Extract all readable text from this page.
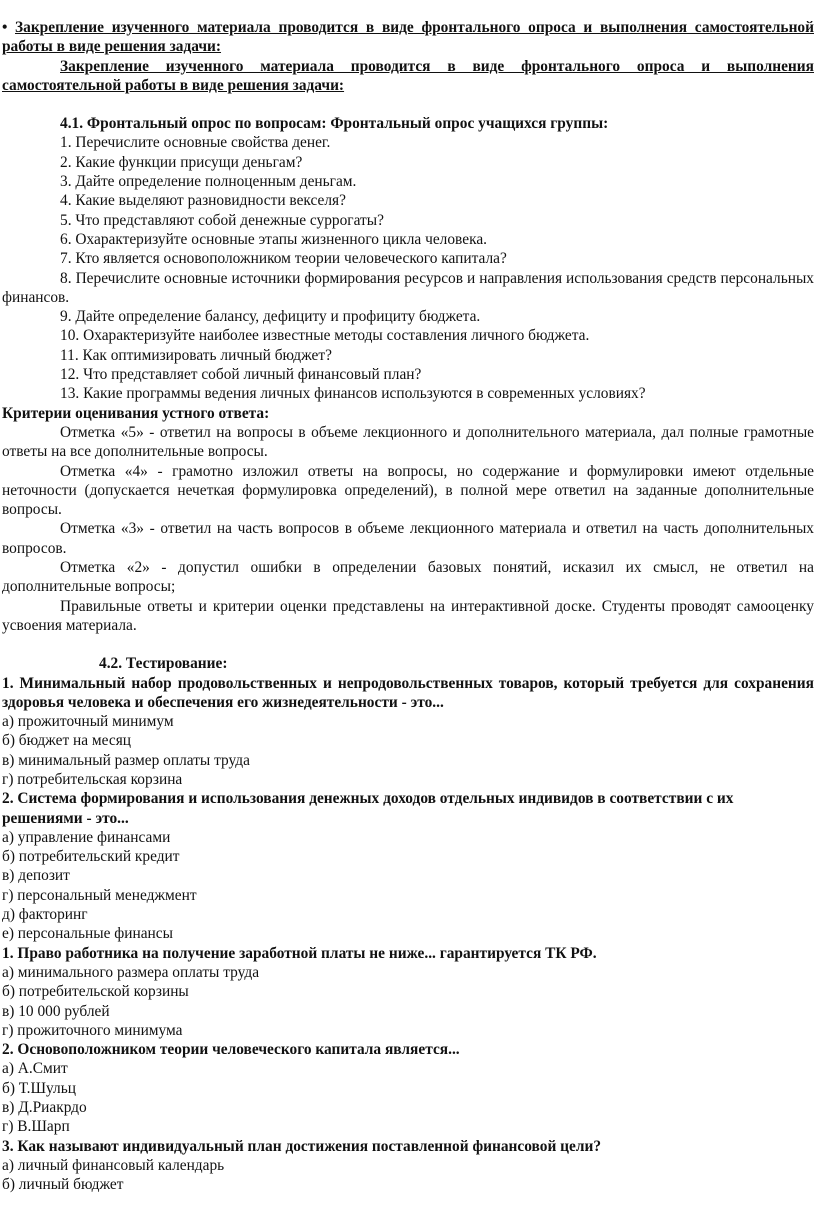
• Закрепление изученного материала проводится в виде фронтального опроса и выполнения самостоятельной работы в виде решения задачи:

Закрепление изученного материала проводится в виде фронтального опроса и выполнения самостоятельной работы в виде решения задачи:

4.1. Фронтальный опрос по вопросам: Фронтальный опрос учащихся группы:

1. Перечислите основные свойства денег.

2. Какие функции присущи деньгам?

3. Дайте определение полноценным деньгам.

4. Какие выделяют разновидности векселя?

5. Что представляют собой денежные суррогаты?

6. Охарактеризуйте основные этапы жизненного цикла человека.

7. Кто является основоположником теории человеческого капитала?

8. Перечислите основные источники формирования ресурсов и направления использования средств персональных финансов.

9. Дайте определение балансу, дефициту и профициту бюджета.

10. Охарактеризуйте наиболее известные методы составления личного бюджета.

11. Как оптимизировать личный бюджет?

12. Что представляет собой личный финансовый план?

13. Какие программы ведения личных финансов используются в современных условиях?

Критерии оценивания устного ответа:

Отметка «5» - ответил на вопросы в объеме лекционного и дополнительного материала, дал полные грамотные ответы на все дополнительные вопросы.

Отметка «4» - грамотно изложил ответы на вопросы, но содержание и формулировки имеют отдельные неточности (допускается нечеткая формулировка определений), в полной мере ответил на заданные дополнительные вопросы.

Отметка «3» - ответил на часть вопросов в объеме лекционного материала и ответил на часть дополнительных вопросов.

Отметка «2» - допустил ошибки в определении базовых понятий, исказил их смысл, не ответил на дополнительные вопросы;

Правильные ответы и критерии оценки представлены на интерактивной доске. Студенты проводят самооценку усвоения материала.

4.2. Тестирование:

1. Минимальный набор продовольственных и непродовольственных товаров, который требуется для сохранения здоровья человека и обеспечения его жизнедеятельности - это...

а) прожиточный минимум

б) бюджет на месяц

в) минимальный размер оплаты труда

г) потребительская корзина

2. Система формирования и использования денежных доходов отдельных индивидов в соответствии с их решениями - это...

а) управление финансами

б) потребительский кредит

в) депозит

г) персональный менеджмент

д) факторинг

е) персональные финансы

1. Право работника на получение заработной платы не ниже... гарантируется ТК РФ.

а) минимального размера оплаты труда

б) потребительской корзины

в) 10 000 рублей

г) прожиточного минимума

2. Основоположником теории человеческого капитала является...

а) А.Смит

б) Т.Шульц

в) Д.Риакрдо

г) В.Шарп

3. Как называют индивидуальный план достижения поставленной финансовой цели?

а) личный финансовый календарь

б) личный бюджет
